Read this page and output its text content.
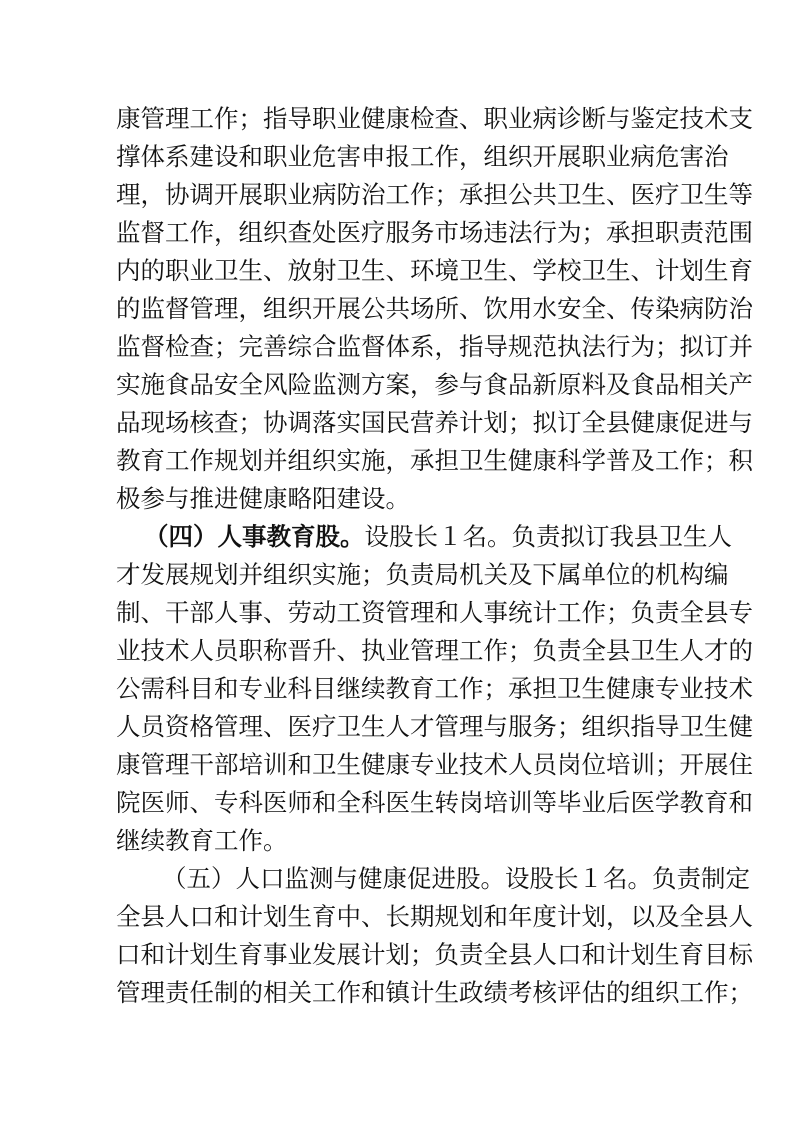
康管理工作；指导职业健康检查、职业病诊断与鉴定技术支
撑体系建设和职业危害申报工作，组织开展职业病危害治
理，协调开展职业病防治工作；承担公共卫生、医疗卫生等
监督工作，组织查处医疗服务市场违法行为；承担职责范围
内的职业卫生、放射卫生、环境卫生、学校卫生、计划生育
的监督管理，组织开展公共场所、饮用水安全、传染病防治
监督检查；完善综合监督体系，指导规范执法行为；拟订并
实施食品安全风险监测方案，参与食品新原料及食品相关产
品现场核查；协调落实国民营养计划；拟订全县健康促进与
教育工作规划并组织实施，承担卫生健康科学普及工作；积
极参与推进健康略阳建设。
（四）人事教育股。设股长１名。负责拟订我县卫生人
才发展规划并组织实施；负责局机关及下属单位的机构编
制、干部人事、劳动工资管理和人事统计工作；负责全县专
业技术人员职称晋升、执业管理工作；负责全县卫生人才的
公需科目和专业科目继续教育工作；承担卫生健康专业技术
人员资格管理、医疗卫生人才管理与服务；组织指导卫生健
康管理干部培训和卫生健康专业技术人员岗位培训；开展住
院医师、专科医师和全科医生转岗培训等毕业后医学教育和
继续教育工作。
（五）人口监测与健康促进股。设股长１名。负责制定
全县人口和计划生育中、长期规划和年度计划，以及全县人
口和计划生育事业发展计划；负责全县人口和计划生育目标
管理责任制的相关工作和镇计生政绩考核评估的组织工作；
